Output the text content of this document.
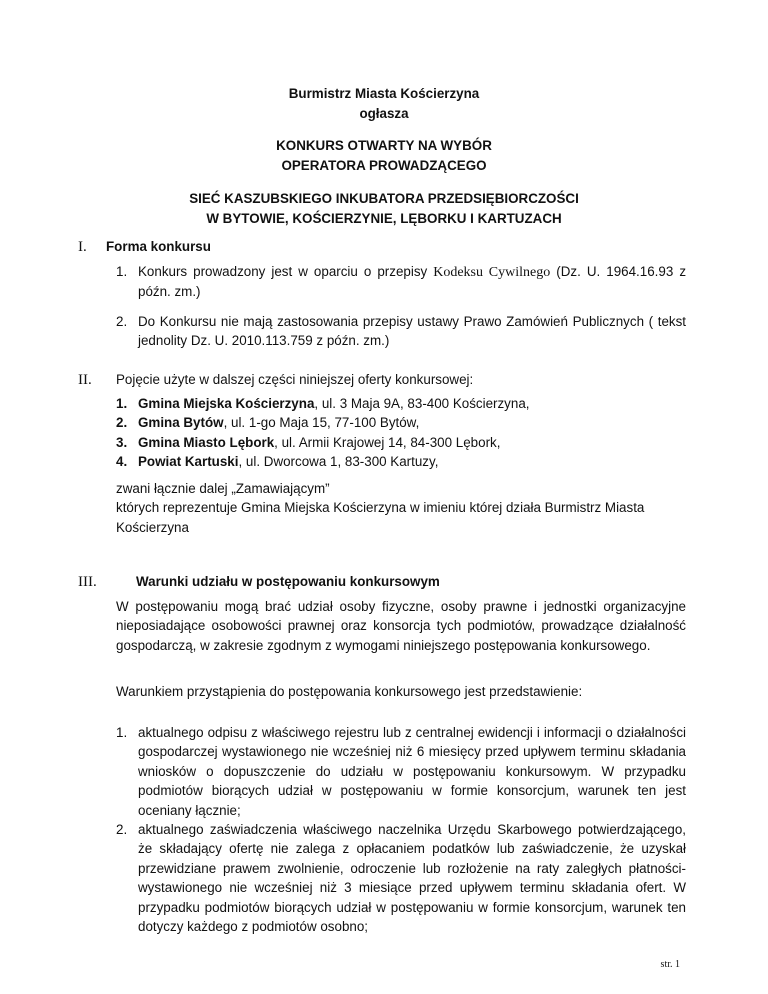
Burmistrz Miasta Kościerzyna
ogłasza
KONKURS OTWARTY NA WYBÓR
OPERATORA PROWADZĄCEGO
SIEĆ KASZUBSKIEGO INKUBATORA PRZEDSIĘBIORCZOŚCI
W BYTOWIE, KOŚCIERZYNIE, LĘBORKU I KARTUZACH
I. Forma konkursu
1. Konkurs prowadzony jest w oparciu o przepisy Kodeksu Cywilnego (Dz. U. 1964.16.93 z późn. zm.)
2. Do Konkursu nie mają zastosowania przepisy ustawy Prawo Zamówień Publicznych ( tekst jednolity Dz. U. 2010.113.759 z późn. zm.)
II. Pojęcie użyte w dalszej części niniejszej oferty konkursowej:
1. Gmina Miejska Kościerzyna, ul. 3 Maja 9A, 83-400 Kościerzyna,
2. Gmina Bytów, ul. 1-go Maja 15, 77-100 Bytów,
3. Gmina Miasto Lębork, ul. Armii Krajowej 14, 84-300 Lębork,
4. Powiat Kartuski, ul. Dworcowa 1, 83-300 Kartuzy,
zwani łącznie dalej „Zamawiającym”
których reprezentuje Gmina Miejska Kościerzyna w imieniu której działa Burmistrz Miasta Kościerzyna
III.	Warunki udziału w postępowaniu konkursowym
W postępowaniu mogą brać udział osoby fizyczne, osoby prawne i jednostki organizacyjne nieposiadające osobowości prawnej oraz konsorcja tych podmiotów, prowadzące działalność gospodarczą, w zakresie zgodnym z wymogami niniejszego postępowania konkursowego.
Warunkiem przystąpienia do postępowania konkursowego jest przedstawienie:
1. aktualnego odpisu z właściwego rejestru lub z centralnej ewidencji i informacji o działalności gospodarczej wystawionego nie wcześniej niż 6 miesięcy przed upływem terminu składania wniosków o dopuszczenie do udziału w postępowaniu konkursowym. W przypadku podmiotów biorących udział w postępowaniu w formie konsorcjum, warunek ten jest oceniany łącznie;
2. aktualnego zaświadczenia właściwego naczelnika Urzędu Skarbowego potwierdzającego, że składający ofertę nie zalega z opłacaniem podatków lub zaświadczenie, że uzyskał przewidziane prawem zwolnienie, odroczenie lub rozłożenie na raty zaległych płatności- wystawionego nie wcześniej niż 3 miesiące przed upływem terminu składania ofert. W przypadku podmiotów biorących udział w postępowaniu w formie konsorcjum, warunek ten dotyczy każdego z podmiotów osobno;
str. 1
